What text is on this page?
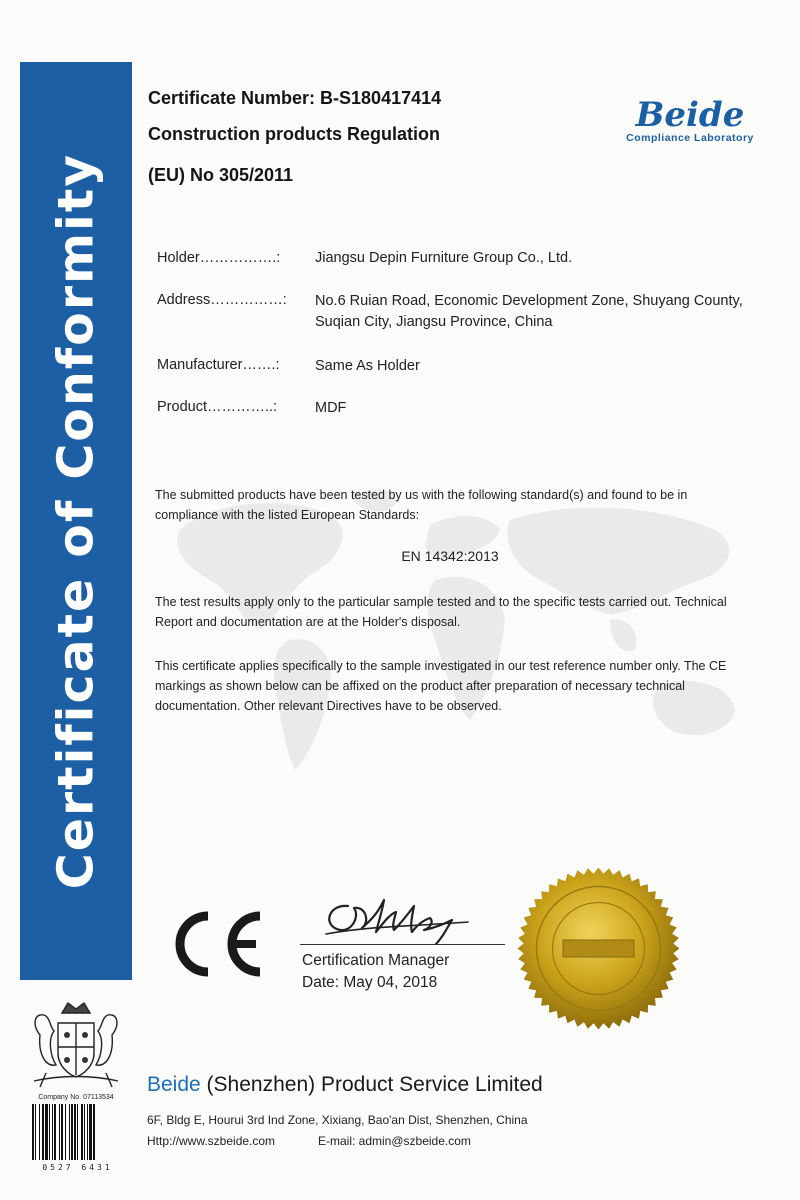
Certificate of Conformity
Certificate Number: B-S180417414
Construction products Regulation
(EU) No 305/2011
Beide
Compliance Laboratory
Holder…………….: Jiangsu Depin Furniture Group Co., Ltd.
Address……………: No.6 Ruian Road, Economic Development Zone, Shuyang County, Suqian City, Jiangsu Province, China
Manufacturer…….: Same As Holder
Product…………..:	MDF
The submitted products have been tested by us with the following standard(s) and found to be in compliance with the listed European Standards:
EN 14342:2013
The test results apply only to the particular sample tested and to the specific tests carried out. Technical Report and documentation are at the Holder's disposal.
This certificate applies specifically to the sample investigated in our test reference number only. The CE markings as shown below can be affixed on the product after preparation of necessary technical documentation. Other relevant Directives have to be observed.
Certification Manager
Date: May 04, 2018
Company No. 07113534
0527 6431
Beide (Shenzhen) Product Service Limited
6F, Bldg E, Hourui 3rd Ind Zone, Xixiang, Bao'an Dist, Shenzhen, China
Http://www.szbeide.com	E-mail: admin@szbeide.com
